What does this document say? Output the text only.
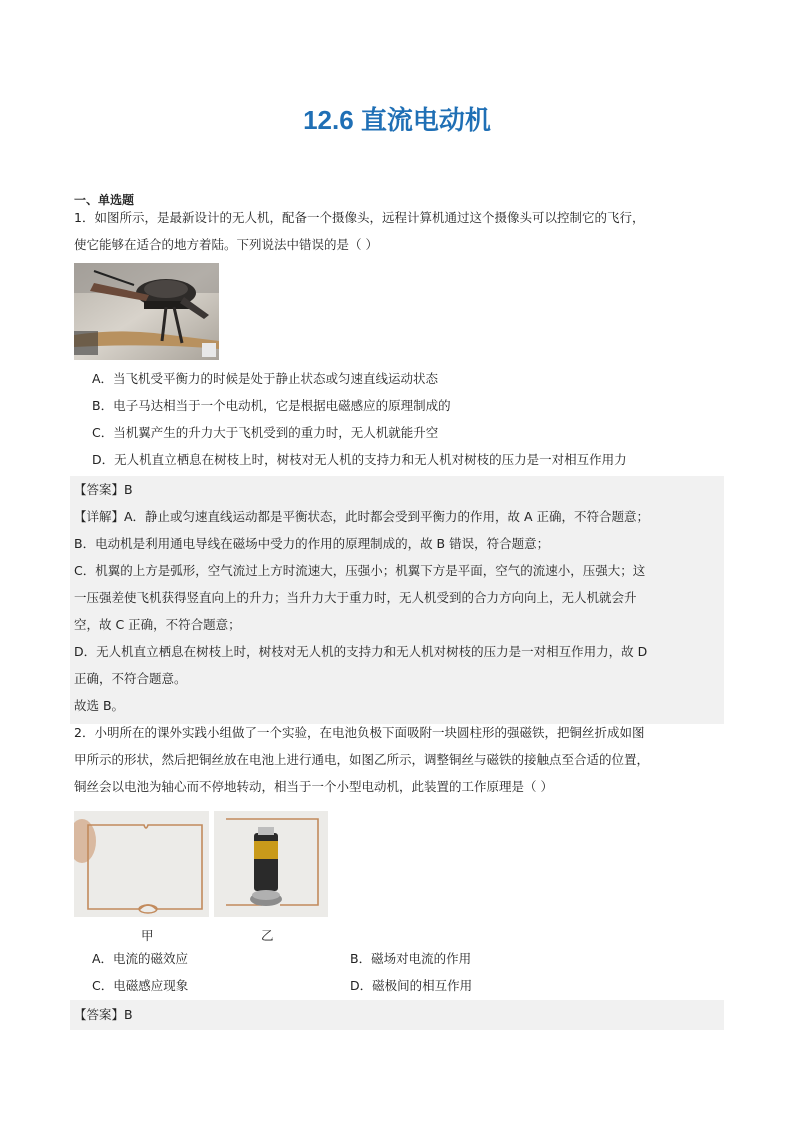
12.6 直流电动机
一、单选题
1．如图所示，是最新设计的无人机，配备一个摄像头，远程计算机通过这个摄像头可以控制它的飞行，
使它能够在适合的地方着陆。下列说法中错误的是（ ）
A．当飞机受平衡力的时候是处于静止状态或匀速直线运动状态
B．电子马达相当于一个电动机，它是根据电磁感应的原理制成的
C．当机翼产生的升力大于飞机受到的重力时，无人机就能升空
D．无人机直立栖息在树枝上时，树枝对无人机的支持力和无人机对树枝的压力是一对相互作用力
【答案】B
【详解】A．静止或匀速直线运动都是平衡状态，此时都会受到平衡力的作用，故 A 正确，不符合题意；
B．电动机是利用通电导线在磁场中受力的作用的原理制成的，故 B 错误，符合题意；
C．机翼的上方是弧形，空气流过上方时流速大，压强小；机翼下方是平面，空气的流速小，压强大；这
一压强差使飞机获得竖直向上的升力；当升力大于重力时，无人机受到的合力方向向上，无人机就会升
空，故 C 正确，不符合题意；
D．无人机直立栖息在树枝上时，树枝对无人机的支持力和无人机对树枝的压力是一对相互作用力，故 D
正确，不符合题意。
故选 B。
2．小明所在的课外实践小组做了一个实验，在电池负极下面吸附一块圆柱形的强磁铁，把铜丝折成如图
甲所示的形状，然后把铜丝放在电池上进行通电，如图乙所示，调整铜丝与磁铁的接触点至合适的位置，
铜丝会以电池为轴心而不停地转动，相当于一个小型电动机，此装置的工作原理是（ ）
甲	乙
A．电流的磁效应	B．磁场对电流的作用
C．电磁感应现象	D．磁极间的相互作用
【答案】B
